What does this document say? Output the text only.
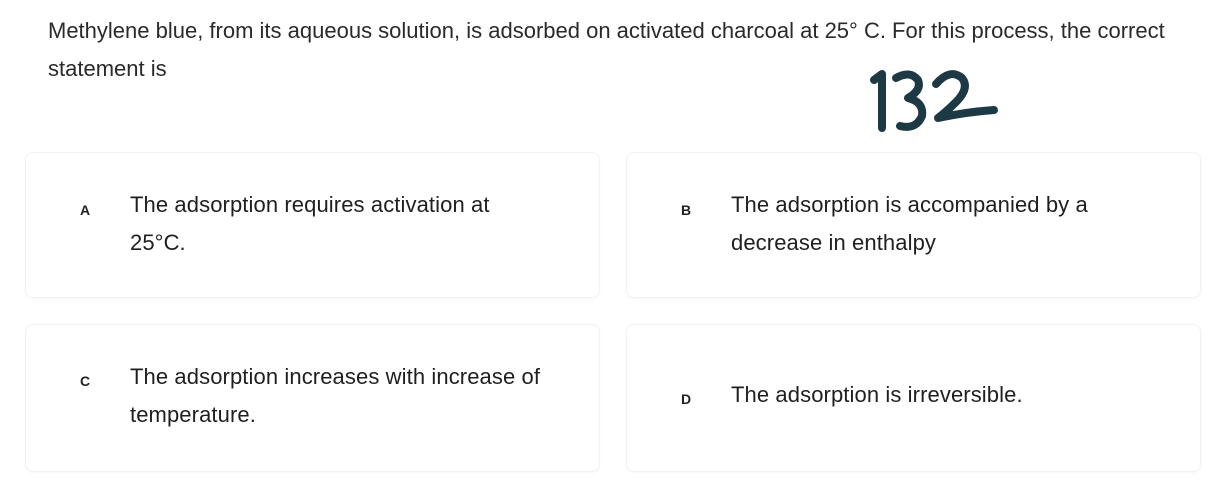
Methylene blue, from its aqueous solution, is adsorbed on activated charcoal at 25° C. For this process, the correct statement is
A	The adsorption requires activation at 25°C.
B	The adsorption is accompanied by a decrease in enthalpy
C	The adsorption increases with increase of temperature.
D	The adsorption is irreversible.
